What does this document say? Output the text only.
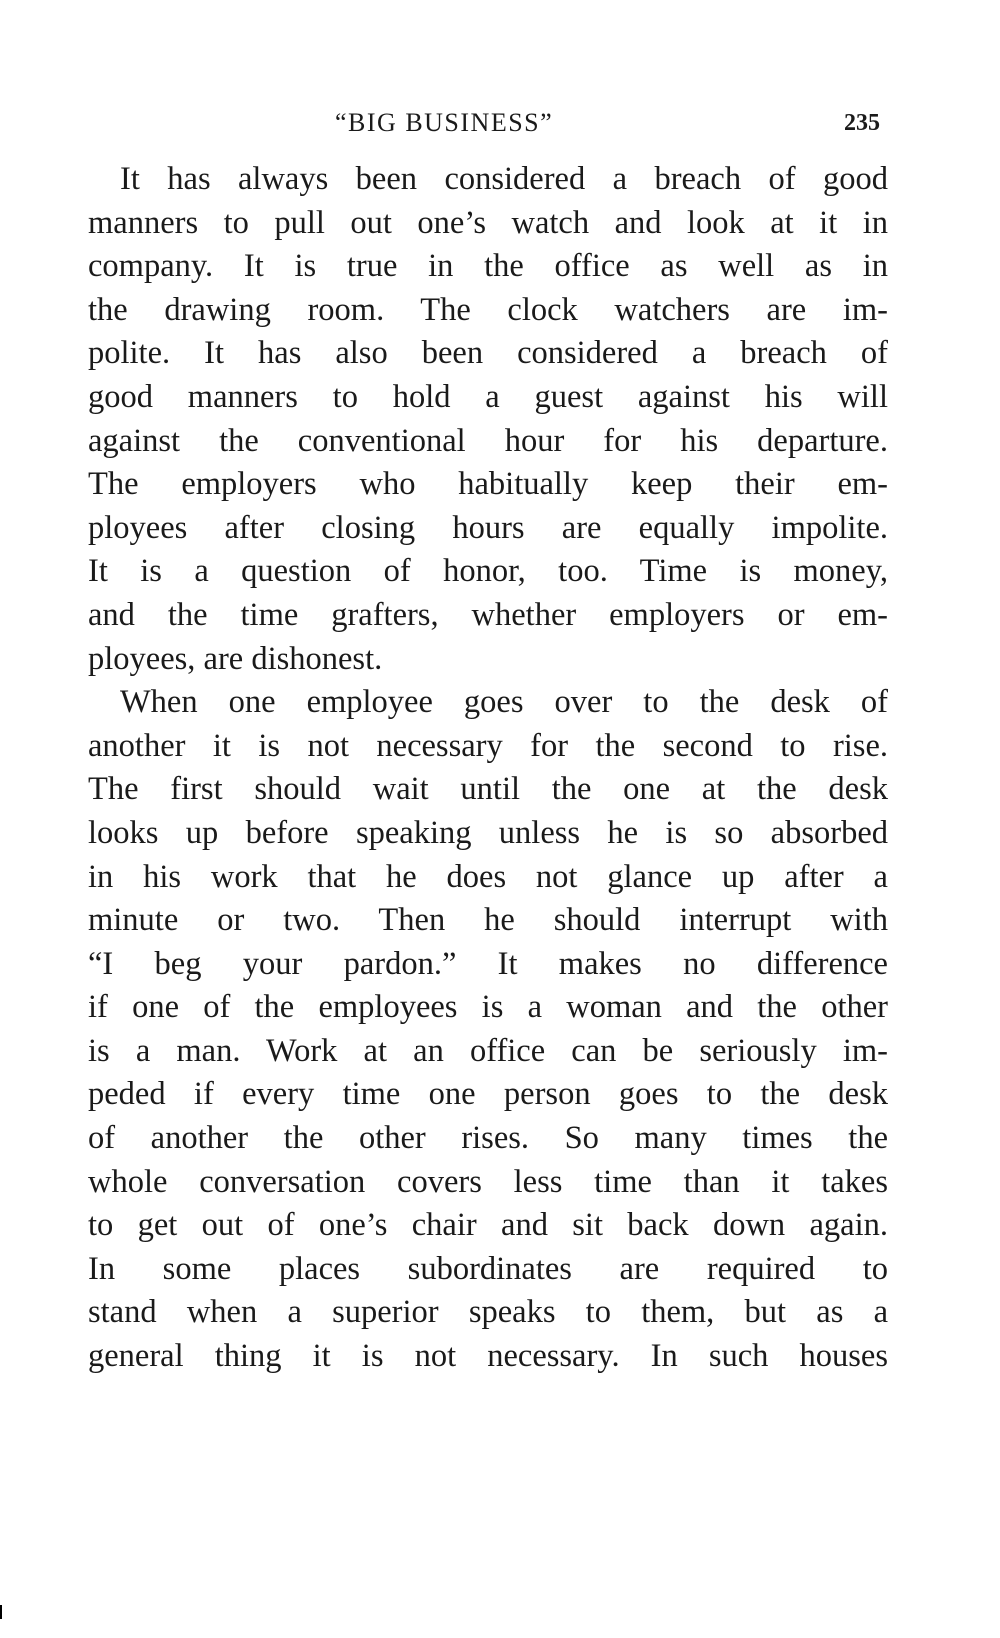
“BIG BUSINESS”	235
It has always been considered a breach of good
manners to pull out one’s watch and look at it in
company. It is true in the office as well as in
the drawing room. The clock watchers are im-
polite. It has also been considered a breach of
good manners to hold a guest against his will
against the conventional hour for his departure.
The employers who habitually keep their em-
ployees after closing hours are equally impolite.
It is a question of honor, too. Time is money,
and the time grafters, whether employers or em-
ployees, are dishonest.
When one employee goes over to the desk of
another it is not necessary for the second to rise.
The first should wait until the one at the desk
looks up before speaking unless he is so absorbed
in his work that he does not glance up after a
minute or two. Then he should interrupt with
“I beg your pardon.” It makes no difference
if one of the employees is a woman and the other
is a man. Work at an office can be seriously im-
peded if every time one person goes to the desk
of another the other rises. So many times the
whole conversation covers less time than it takes
to get out of one’s chair and sit back down again.
In some places subordinates are required to
stand when a superior speaks to them, but as a
general thing it is not necessary. In such houses
